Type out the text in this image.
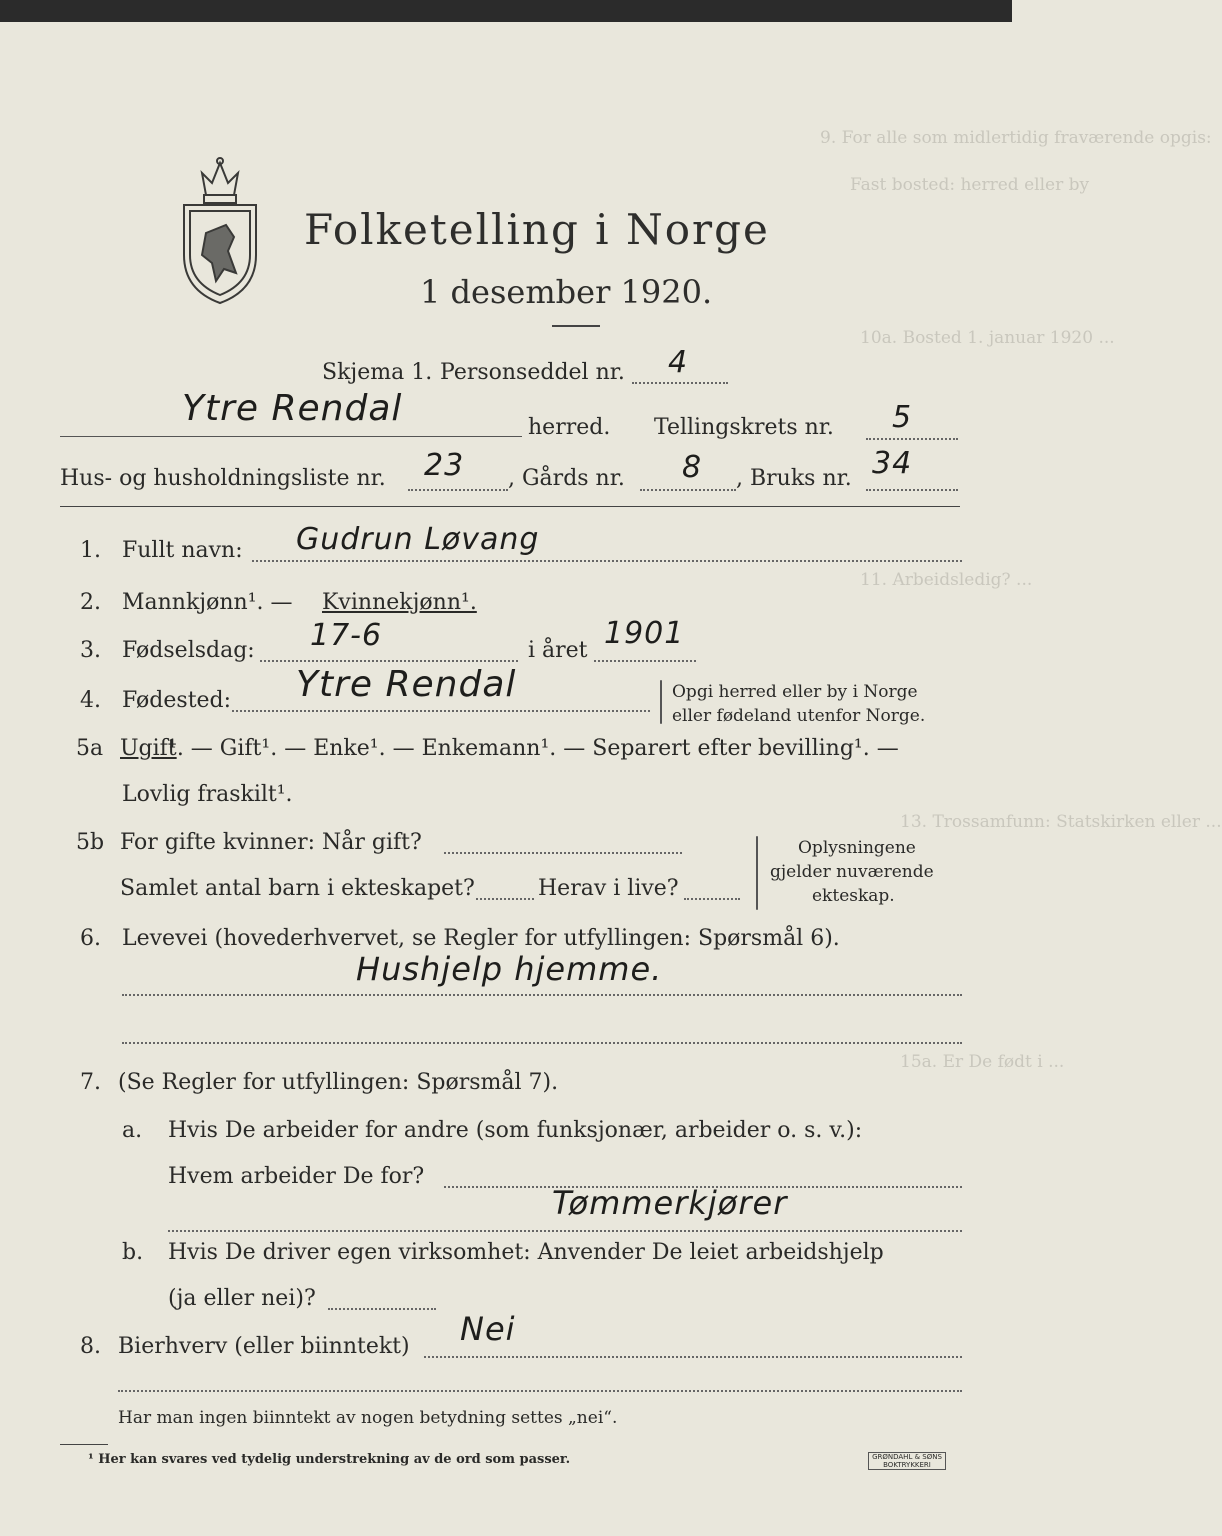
9. For alle som midlertidig fraværende opgis:
Fast bosted: herred eller by
10a. Bosted 1. januar 1920 ...
11. Arbeidsledig? ...
13. Trossamfunn: Statskirken eller ...
15a. Er De født i ...
Folketelling i Norge
1 desember 1920.
Skjema 1. Personseddel nr. 4
Ytre Rendal	herred. Tellingskrets nr. 5
Hus- og husholdningsliste nr. 23 , Gårds nr. 8 , Bruks nr. 34
1. Fullt navn: Gudrun Løvang
2. Mannkjønn¹. — Kvinnekjønn¹.
3. Fødselsdag: 17-6	i året 1901
4. Fødested: Ytre Rendal	Opgi herred eller by i Norge
eller fødeland utenfor Norge.
5a Ugift
¹. — Gift¹. — Enke¹. — Enkemann¹. — Separert efter bevilling¹. —
Lovlig fraskilt¹.
5b For gifte kvinner: Når gift?
Samlet antal barn i ekteskapet?	Herav i live?
Oplysningene
gjelder nuværende
ekteskap.
6. Levevei (hovederhvervet, se Regler for utfyllingen: Spørsmål 6).
Hushjelp hjemme.
7. (Se Regler for utfyllingen: Spørsmål 7).
a. Hvis De arbeider for andre (som funksjonær, arbeider o. s. v.):
Hvem arbeider De for?
Tømmerkjører
b. Hvis De driver egen virksomhet: Anvender De leiet arbeidshjelp
(ja eller nei)?
8. Bierhverv (eller biinntekt) Nei
Har man ingen biinntekt av nogen betydning settes „nei“.
¹ Her kan svares ved tydelig understrekning av de ord som passer.	GRØNDAHL & SØNS BOKTRYKKERI
